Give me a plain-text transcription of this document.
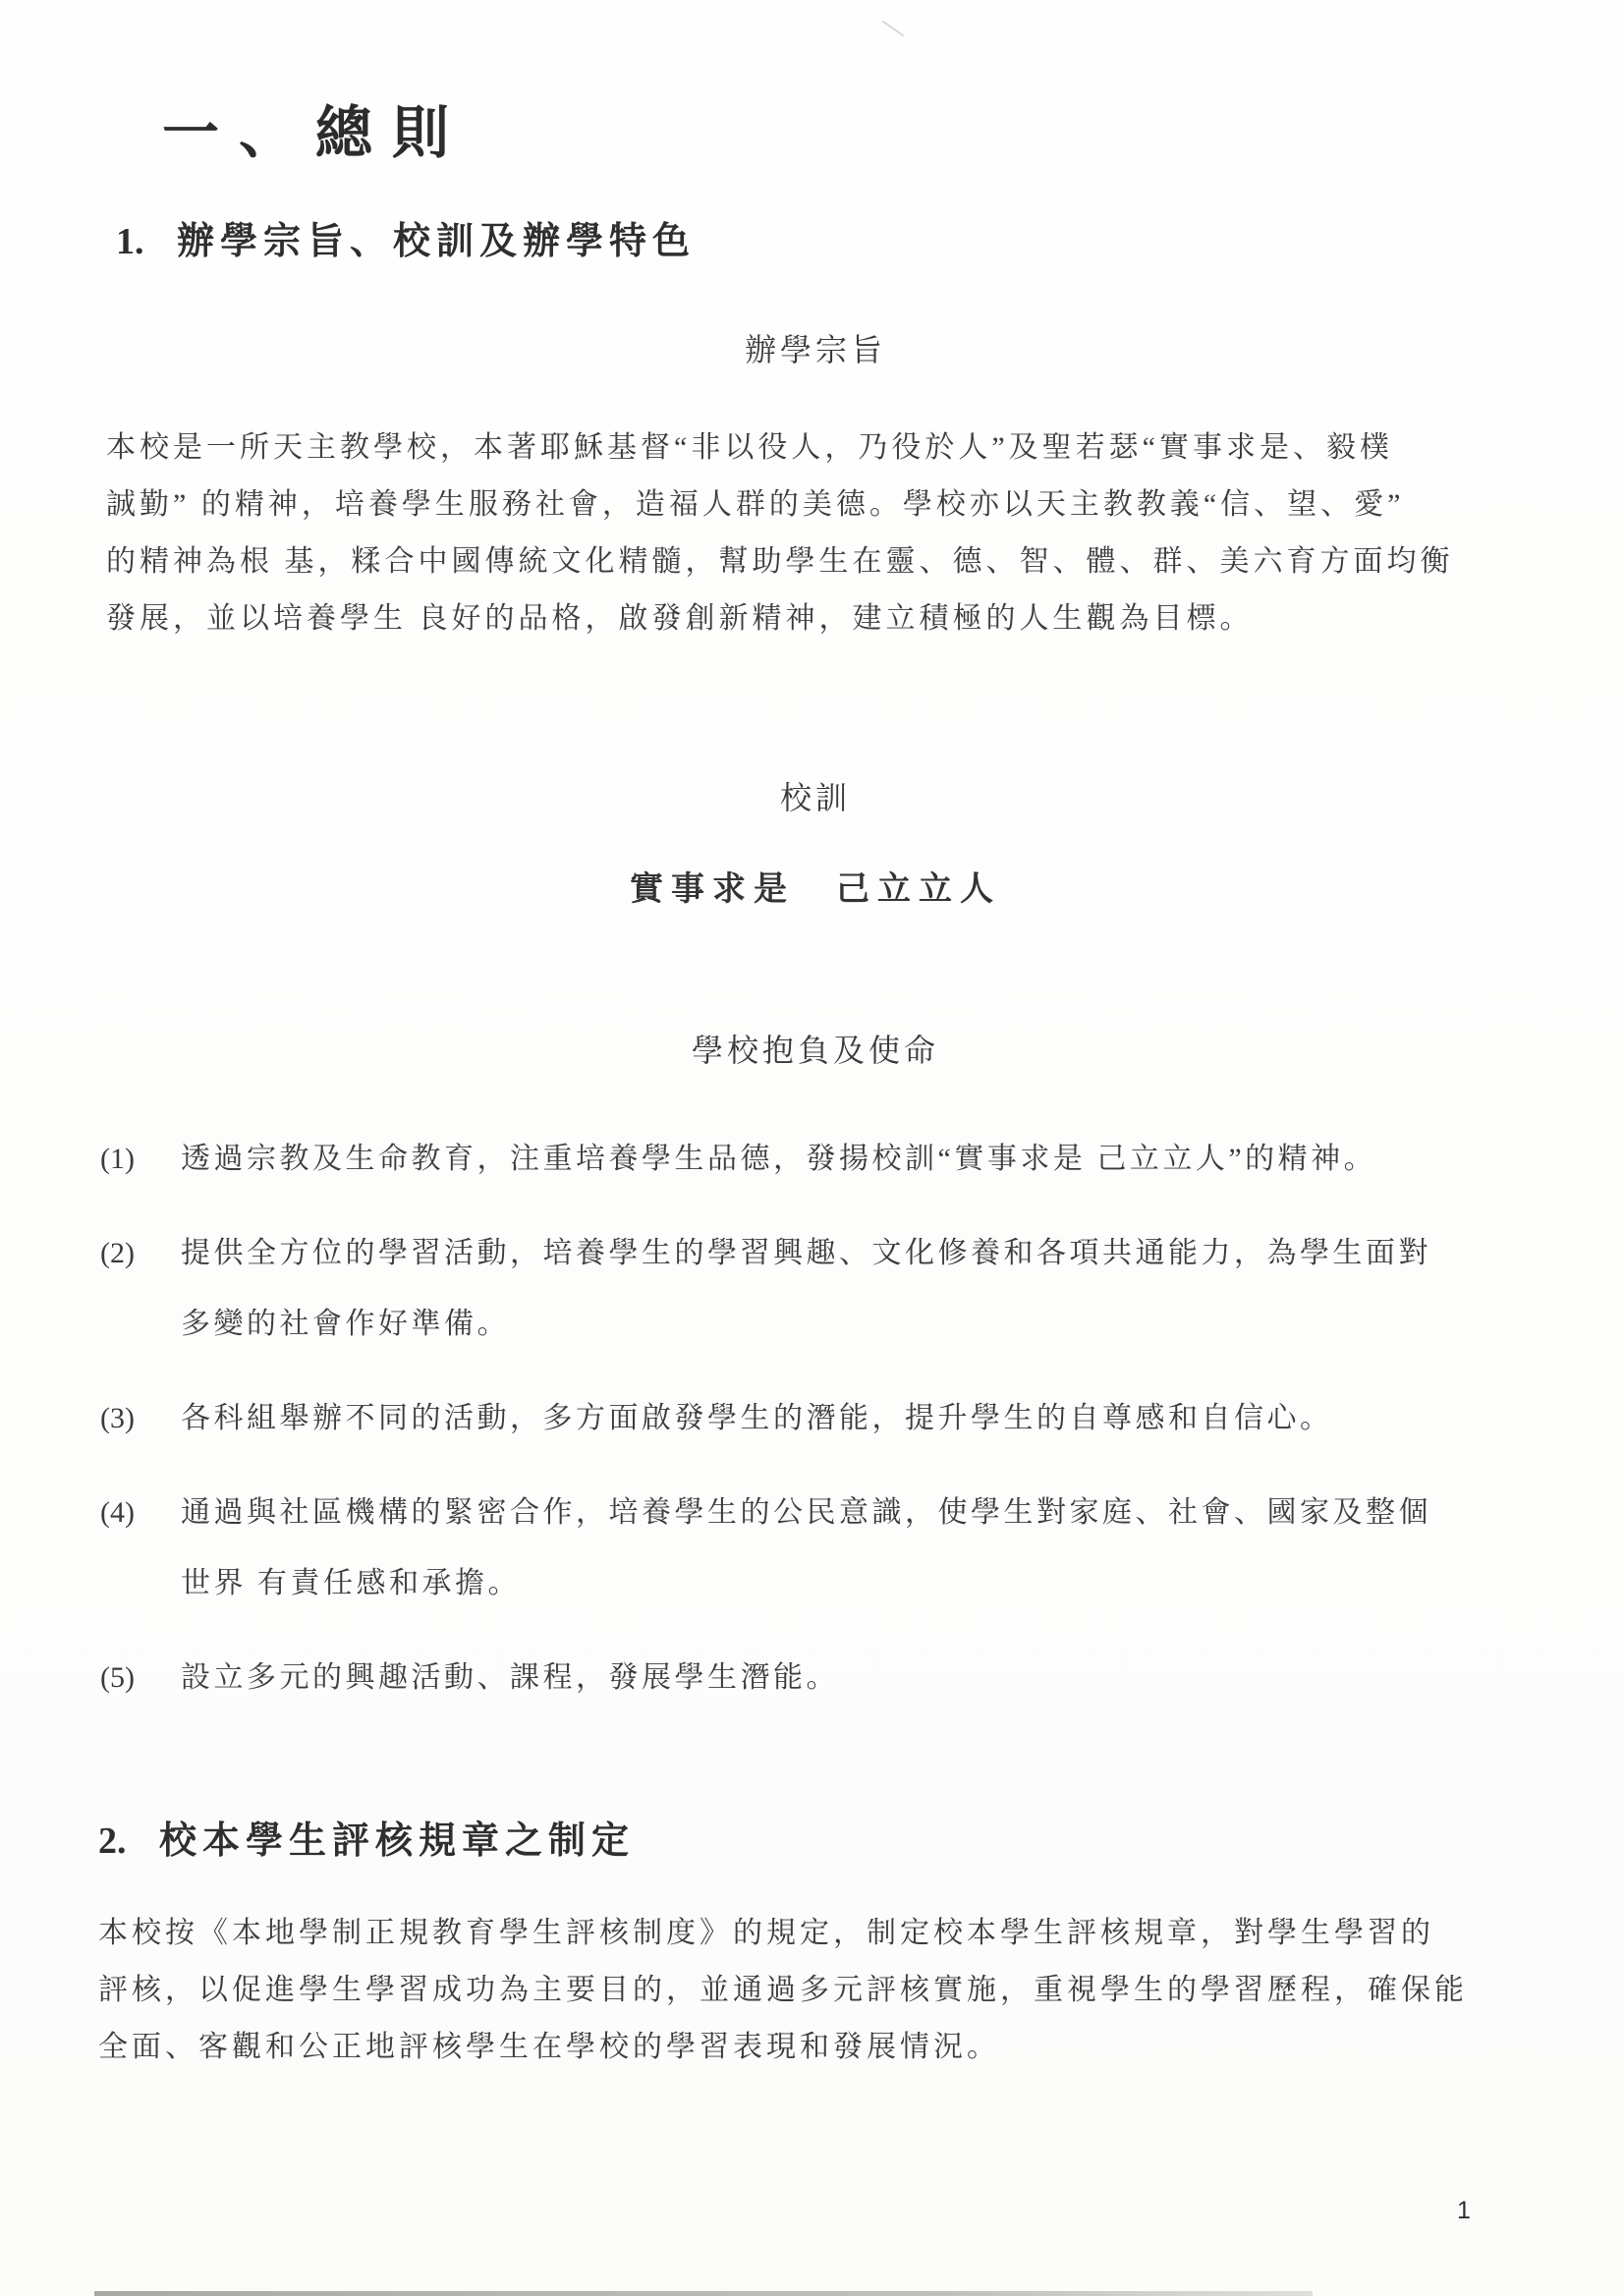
一、總則
1. 辦學宗旨、校訓及辦學特色
辦學宗旨
本校是一所天主教學校，本著耶穌基督“非以役人，乃役於人”及聖若瑟“實事求是、毅樸
誠勤” 的精神，培養學生服務社會，造福人群的美德。學校亦以天主教教義“信、望、愛”
的精神為根 基，糅合中國傳統文化精髓，幫助學生在靈、德、智、體、群、美六育方面均衡
發展，並以培養學生 良好的品格，啟發創新精神，建立積極的人生觀為目標。
校訓
實事求是　己立立人
學校抱負及使命
(1)	透過宗教及生命教育，注重培養學生品德，發揚校訓“實事求是 己立立人”的精神。
(2)	提供全方位的學習活動，培養學生的學習興趣、文化修養和各項共通能力，為學生面對
多變的社會作好準備。
(3)	各科組舉辦不同的活動，多方面啟發學生的潛能，提升學生的自尊感和自信心。
(4)	通過與社區機構的緊密合作，培養學生的公民意識，使學生對家庭、社會、國家及整個
世界 有責任感和承擔。
(5)	設立多元的興趣活動、課程，發展學生潛能。
2. 校本學生評核規章之制定
本校按《本地學制正規教育學生評核制度》的規定，制定校本學生評核規章，對學生學習的
評核，以促進學生學習成功為主要目的，並通過多元評核實施，重視學生的學習歷程，確保能
全面、客觀和公正地評核學生在學校的學習表現和發展情況。
1
